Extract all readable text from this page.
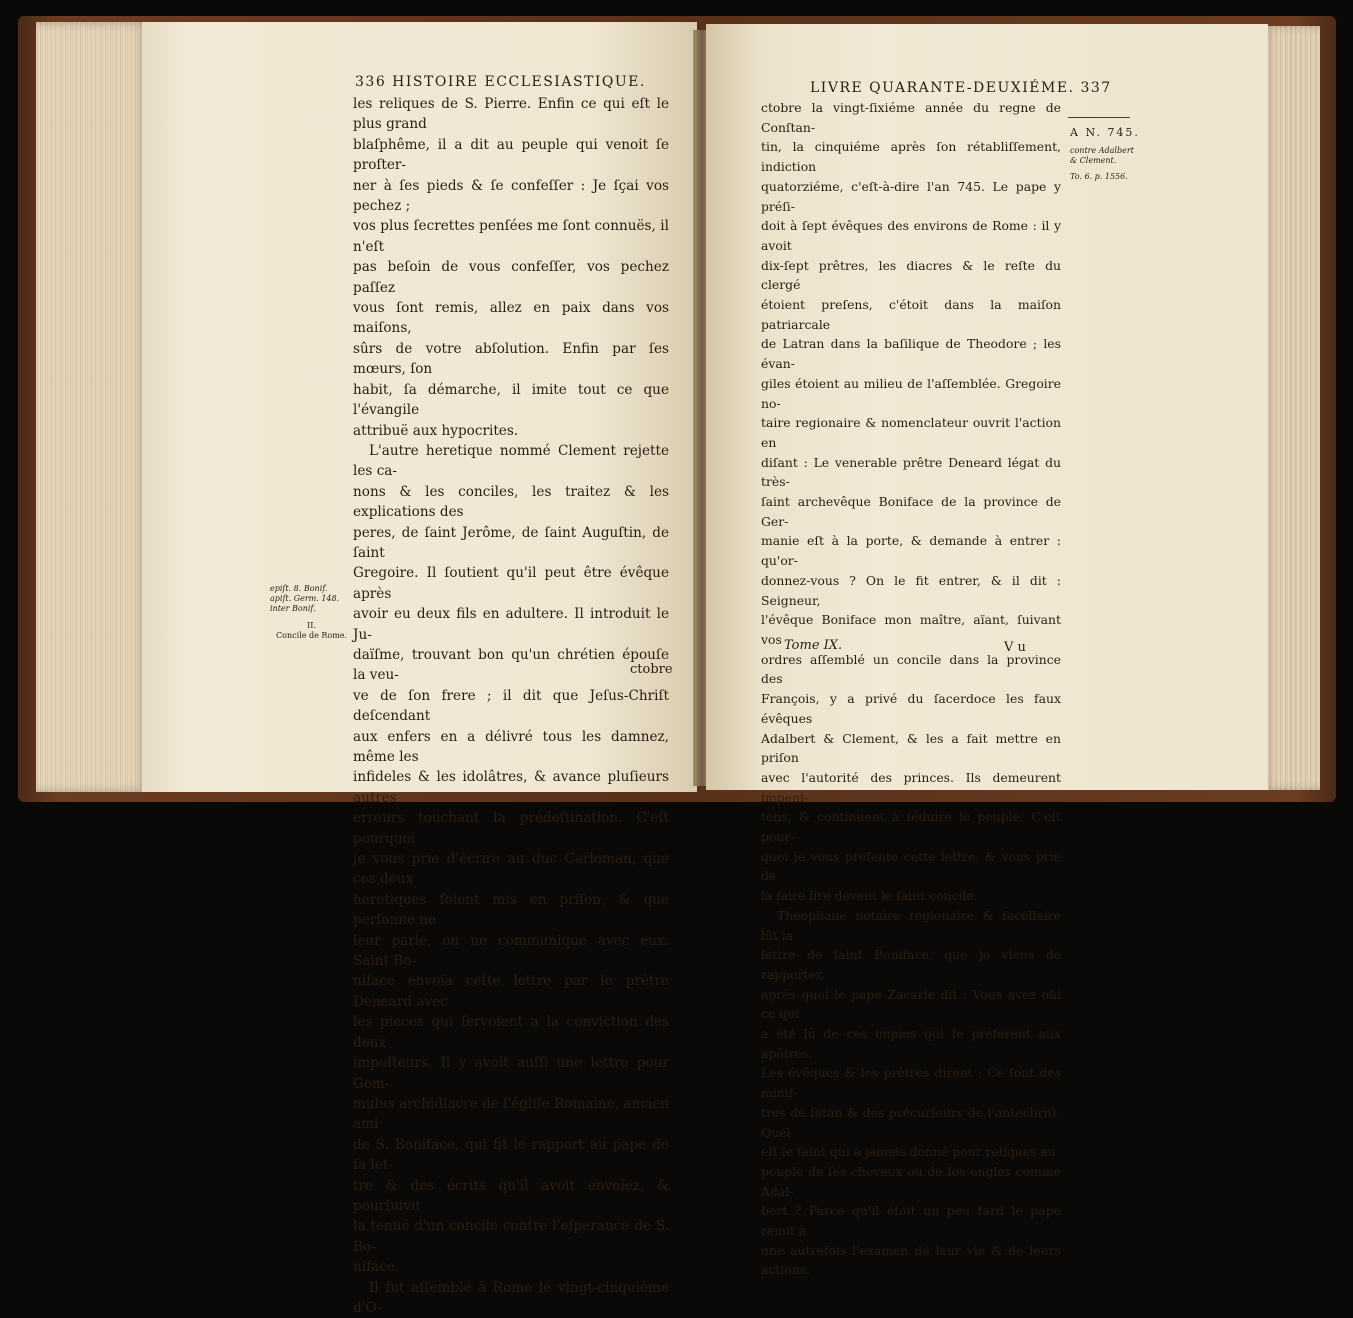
336 HISTOIRE ECCLESIASTIQUE.
les reliques de S. Pierre. Enfin ce qui eſt le plus grand
blaſphême, il a dit au peuple qui venoit ſe proſter-
ner à ſes pieds & ſe confeſſer : Je ſçai vos pechez ;
vos plus ſecrettes penſées me ſont connuës, il n'eſt
pas beſoin de vous confeſſer, vos pechez paſſez
vous ſont remis, allez en paix dans vos maiſons,
sûrs de votre abſolution. Enfin par ſes mœurs, ſon
habit, ſa démarche, il imite tout ce que l'évangile
attribuë aux hypocrites.
L'autre heretique nommé Clement rejette les ca-
nons & les conciles, les traitez & les explications des
peres, de ſaint Jerôme, de ſaint Auguſtin, de ſaint
Gregoire. Il ſoutient qu'il peut être évêque après
avoir eu deux fils en adultere. Il introduit le Ju-
daïſme, trouvant bon qu'un chrétien épouſe la veu-
ve de ſon frere ; il dit que Jeſus-Chriſt deſcendant
aux enfers en a délivré tous les damnez, même les
infideles & les idolâtres, & avance pluſieurs autres
erreurs touchant la prédeſtination. C'eſt pourquoi
je vous prie d'écrire au duc Carloman, que ces deux
heretiques ſoient mis en priſon, & que perſonne ne
leur parle, ou ne communique avec eux. Saint Bo-
niface envoïa cette lettre par le prêtre Deneard avec
les pieces qui ſervoient a la conviction des deux
impoſteurs. Il y avoit auſſi une lettre pour Gem-
mulus archidiacre de l'égliſe Romaine, ancien ami
de S. Boniface, qui fit le rapport au pape de ſa let-
tre & des écrits qu'il avoit envoïez, & pourſuivit
la tenuë d'un concile contre l'eſperance de S. Bo-
niface.
Il fut aſſemblé à Rome le vingt-cinquiéme d'O-
epiſt. 8. Bonif.
apiſt. Germ. 148.
inter Bonif.
II.
Concile de Rome.
ctobre
LIVRE QUARANTE-DEUXIÉME. 337
ctobre la vingt-ſixiéme année du regne de Conſtan-
tin, la cinquiéme après ſon rétabliſſement, indiction
quatorziéme, c'eſt-à-dire l'an 745. Le pape y préſi-
doit à ſept évêques des environs de Rome : il y avoit
dix-ſept prêtres, les diacres & le reſte du clergé
étoient preſens, c'étoit dans la maiſon patriarcale
de Latran dans la baſilique de Theodore ; les évan-
giles étoient au milieu de l'aſſemblée. Gregoire no-
taire regionaire & nomenclateur ouvrit l'action en
diſant : Le venerable prêtre Deneard légat du très-
ſaint archevêque Boniface de la province de Ger-
manie eſt à la porte, & demande à entrer : qu'or-
donnez-vous ? On le fit entrer, & il dit : Seigneur,
l'évêque Boniface mon maître, aïant, ſuivant vos
ordres aſſemblé un concile dans la province des
François, y a privé du ſacerdoce les faux évêques
Adalbert & Clement, & les a fait mettre en priſon
avec l'autorité des princes. Ils demeurent impeni-
tens, & continuent à ſéduire le peuple. C'eſt pour-
quoi je vous preſente cette lettre, & vous prie de
la faire lire devant le ſaint concile.
Theophane notaire regionaire & ſacellaire lût la
lettre de ſaint Boniface, que je viens de rapporter,
après quoi le pape Zacarie dit : Vous avez oüi ce qui
a été lû de ces impies qui ſe préferent aux apôtres.
Les évêques & les prêtres dirent : Ce ſont des miniſ-
tres de ſatan & des précurſeurs de l'antechriſt. Quel
eſt le ſaint qui a jamais donné pour reliques au
peuple de ſes cheveux ou de ſes ongles comme Adal-
bert ? Parce qu'il étoit un peu tard le pape remit à
une autrefois l'examen de leur vie & de leurs actions.
A N. 745.
contre Adalbert
& Clement.
To. 6. p. 1556.
Tome IX.	V u
